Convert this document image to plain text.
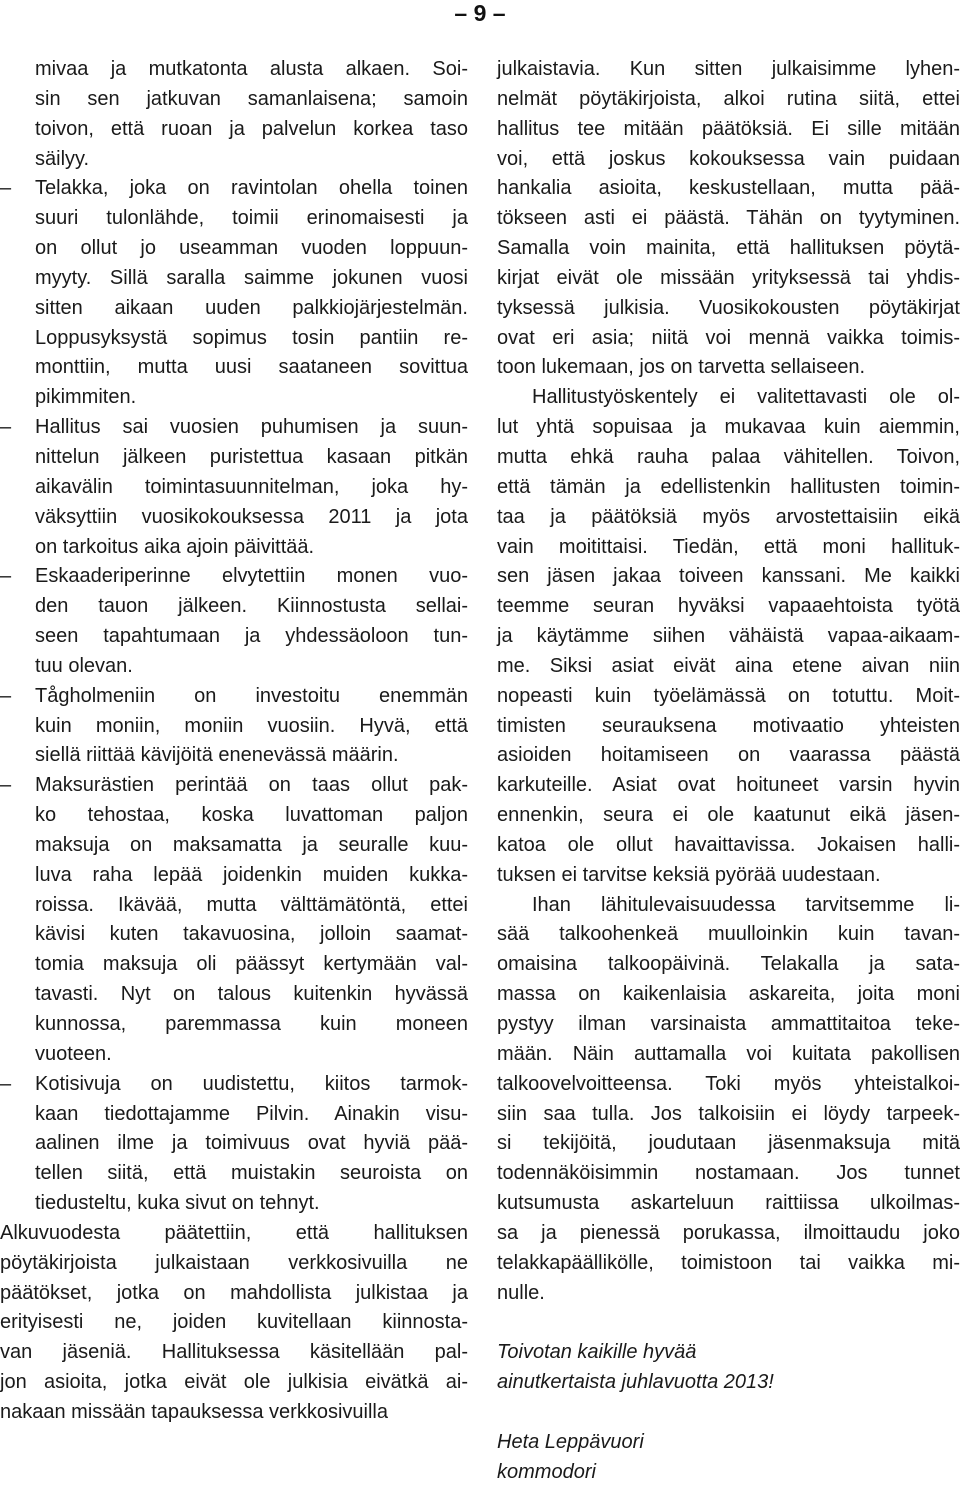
– 9 –
mivaa ja mutkatonta alusta alkaen. Soi-
sin sen jatkuvan samanlaisena; samoin
toivon, että ruoan ja palvelun korkea taso
säilyy.
–	Telakka, joka on ravintolan ohella toinen
suuri tulonlähde, toimii erinomaisesti ja
on ollut jo useamman vuoden loppuun-
myyty. Sillä saralla saimme jokunen vuosi
sitten aikaan uuden palkkiojärjestelmän.
Loppusyksystä sopimus tosin pantiin re-
monttiin, mutta uusi saataneen sovittua
pikimmiten.
–	Hallitus sai vuosien puhumisen ja suun-
nittelun jälkeen puristettua kasaan pitkän
aikavälin toimintasuunnitelman, joka hy-
väksyttiin vuosikokouksessa 2011 ja jota
on tarkoitus aika ajoin päivittää.
–	Eskaaderiperinne elvytettiin monen vuo-
den tauon jälkeen. Kiinnostusta sellai-
seen tapahtumaan ja yhdessäoloon tun-
tuu olevan.
–	Tågholmeniin on investoitu enemmän
kuin moniin, moniin vuosiin. Hyvä, että
siellä riittää kävijöitä enenevässä määrin.
–	Maksurästien perintää on taas ollut pak-
ko tehostaa, koska luvattoman paljon
maksuja on maksamatta ja seuralle kuu-
luva raha lepää joidenkin muiden kukka-
roissa. Ikävää, mutta välttämätöntä, ettei
kävisi kuten takavuosina, jolloin saamat-
tomia maksuja oli päässyt kertymään val-
tavasti. Nyt on talous kuitenkin hyvässä
kunnossa, paremmassa kuin moneen
vuoteen.
–	Kotisivuja on uudistettu, kiitos tarmok-
kaan tiedottajamme Pilvin. Ainakin visu-
aalinen ilme ja toimivuus ovat hyviä pää-
tellen siitä, että muistakin seuroista on
tiedusteltu, kuka sivut on tehnyt.
Alkuvuodesta päätettiin, että hallituksen
pöytäkirjoista julkaistaan verkkosivuilla ne
päätökset, jotka on mahdollista julkistaa ja
erityisesti ne, joiden kuvitellaan kiinnosta-
van jäseniä. Hallituksessa käsitellään pal-
jon asioita, jotka eivät ole julkisia eivätkä ai-
nakaan missään tapauksessa verkkosivuilla
julkaistavia. Kun sitten julkaisimme lyhen-
nelmät pöytäkirjoista, alkoi rutina siitä, ettei
hallitus tee mitään päätöksiä. Ei sille mitään
voi, että joskus kokouksessa vain puidaan
hankalia asioita, keskustellaan, mutta pää-
tökseen asti ei päästä. Tähän on tyytyminen.
Samalla voin mainita, että hallituksen pöytä-
kirjat eivät ole missään yrityksessä tai yhdis-
tyksessä julkisia. Vuosikokousten pöytäkirjat
ovat eri asia; niitä voi mennä vaikka toimis-
toon lukemaan, jos on tarvetta sellaiseen.
Hallitustyöskentely ei valitettavasti ole ol-
lut yhtä sopuisaa ja mukavaa kuin aiemmin,
mutta ehkä rauha palaa vähitellen. Toivon,
että tämän ja edellistenkin hallitusten toimin-
taa ja päätöksiä myös arvostettaisiin eikä
vain moitittaisi. Tiedän, että moni hallituk-
sen jäsen jakaa toiveen kanssani. Me kaikki
teemme seuran hyväksi vapaaehtoista työtä
ja käytämme siihen vähäistä vapaa-aikaam-
me. Siksi asiat eivät aina etene aivan niin
nopeasti kuin työelämässä on totuttu. Moit-
timisten seurauksena motivaatio yhteisten
asioiden hoitamiseen on vaarassa päästä
karkuteille. Asiat ovat hoituneet varsin hyvin
ennenkin, seura ei ole kaatunut eikä jäsen-
katoa ole ollut havaittavissa. Jokaisen halli-
tuksen ei tarvitse keksiä pyörää uudestaan.
Ihan lähitulevaisuudessa tarvitsemme li-
sää talkoohenkeä muulloinkin kuin tavan-
omaisina talkoopäivinä. Telakalla ja sata-
massa on kaikenlaisia askareita, joita moni
pystyy ilman varsinaista ammattitaitoa teke-
mään. Näin auttamalla voi kuitata pakollisen
talkoovelvoitteensa. Toki myös yhteistalkoi-
siin saa tulla. Jos talkoisiin ei löydy tarpeek-
si tekijöitä, joudutaan jäsenmaksuja mitä
todennäköisimmin nostamaan. Jos tunnet
kutsumusta askarteluun raittiissa ulkoilmas-
sa ja pienessä porukassa, ilmoittaudu joko
telakkapäällikölle, toimistoon tai vaikka mi-
nulle.
Toivotan kaikille hyvää
ainutkertaista juhlavuotta 2013!
Heta Leppävuori
kommodori
